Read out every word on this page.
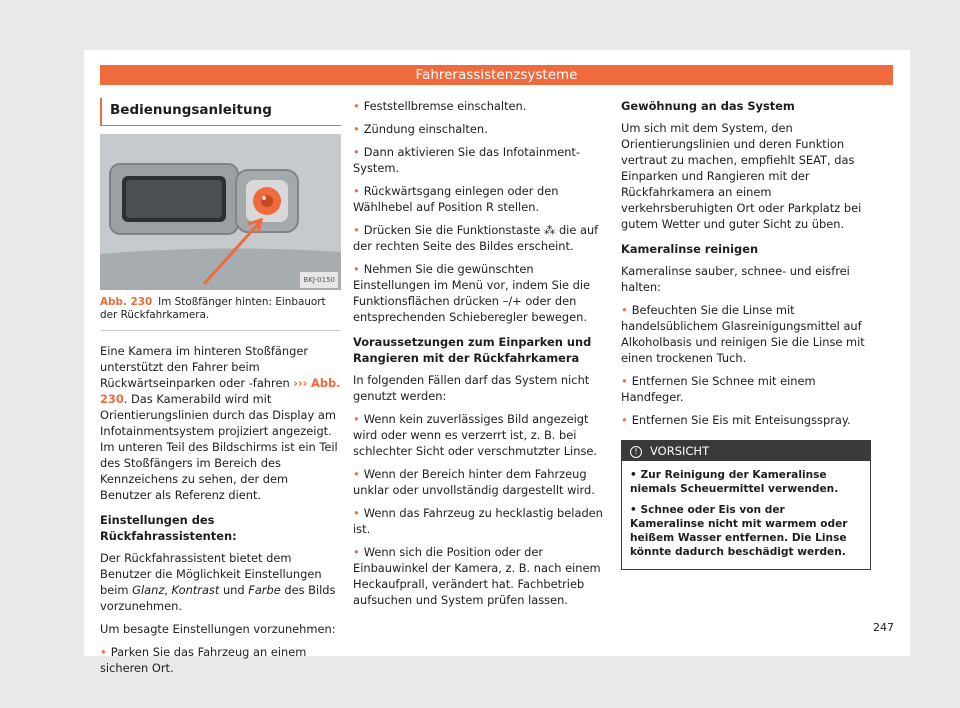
Fahrerassistenzsysteme
Bedienungsanleitung
BKJ-0150
Abb. 230 Im Stoßfänger hinten: Einbauort der Rückfahrkamera.

Eine Kamera im hinteren Stoßfänger unterstützt den Fahrer beim Rückwärtseinparken oder -fahren ››› Abb. 230. Das Kamerabild wird mit Orientierungslinien durch das Display am Infotainmentsystem projiziert angezeigt. Im unteren Teil des Bildschirms ist ein Teil des Stoßfängers im Bereich des Kennzeichens zu sehen, der dem Benutzer als Referenz dient.

Einstellungen des Rückfahrassistenten:

Der Rückfahrassistent bietet dem Benutzer die Möglichkeit Einstellungen beim Glanz, Kontrast und Farbe des Bilds vorzunehmen.

Um besagte Einstellungen vorzunehmen:

• Parken Sie das Fahrzeug an einem sicheren Ort.

• Feststellbremse einschalten.

• Zündung einschalten.

• Dann aktivieren Sie das Infotainment-System.

• Rückwärtsgang einlegen oder den Wählhebel auf Position R stellen.

• Drücken Sie die Funktionstaste ⁂ die auf der rechten Seite des Bildes erscheint.

• Nehmen Sie die gewünschten Einstellungen im Menü vor, indem Sie die Funktionsflächen drücken –/+ oder den entsprechenden Schieberegler bewegen.

Voraussetzungen zum Einparken und Rangieren mit der Rückfahrkamera

In folgenden Fällen darf das System nicht genutzt werden:

• Wenn kein zuverlässiges Bild angezeigt wird oder wenn es verzerrt ist, z. B. bei schlechter Sicht oder verschmutzter Linse.

• Wenn der Bereich hinter dem Fahrzeug unklar oder unvollständig dargestellt wird.

• Wenn das Fahrzeug zu hecklastig beladen ist.

• Wenn sich die Position oder der Einbauwinkel der Kamera, z. B. nach einem Heckaufprall, verändert hat. Fachbetrieb aufsuchen und System prüfen lassen.

Gewöhnung an das System

Um sich mit dem System, den Orientierungslinien und deren Funktion vertraut zu machen, empfiehlt SEAT, das Einparken und Rangieren mit der Rückfahrkamera an einem verkehrsberuhigten Ort oder Parkplatz bei gutem Wetter und guter Sicht zu üben.

Kameralinse reinigen

Kameralinse sauber, schnee- und eisfrei halten:

• Befeuchten Sie die Linse mit handelsüblichem Glasreinigungsmittel auf Alkoholbasis und reinigen Sie die Linse mit einen trockenen Tuch.

• Entfernen Sie Schnee mit einem Handfeger.

• Entfernen Sie Eis mit Enteisungsspray.

! VORSICHT

• Zur Reinigung der Kameralinse niemals Scheuermittel verwenden.

• Schnee oder Eis von der Kameralinse nicht mit warmem oder heißem Wasser entfernen. Die Linse könnte dadurch beschädigt werden.

247
